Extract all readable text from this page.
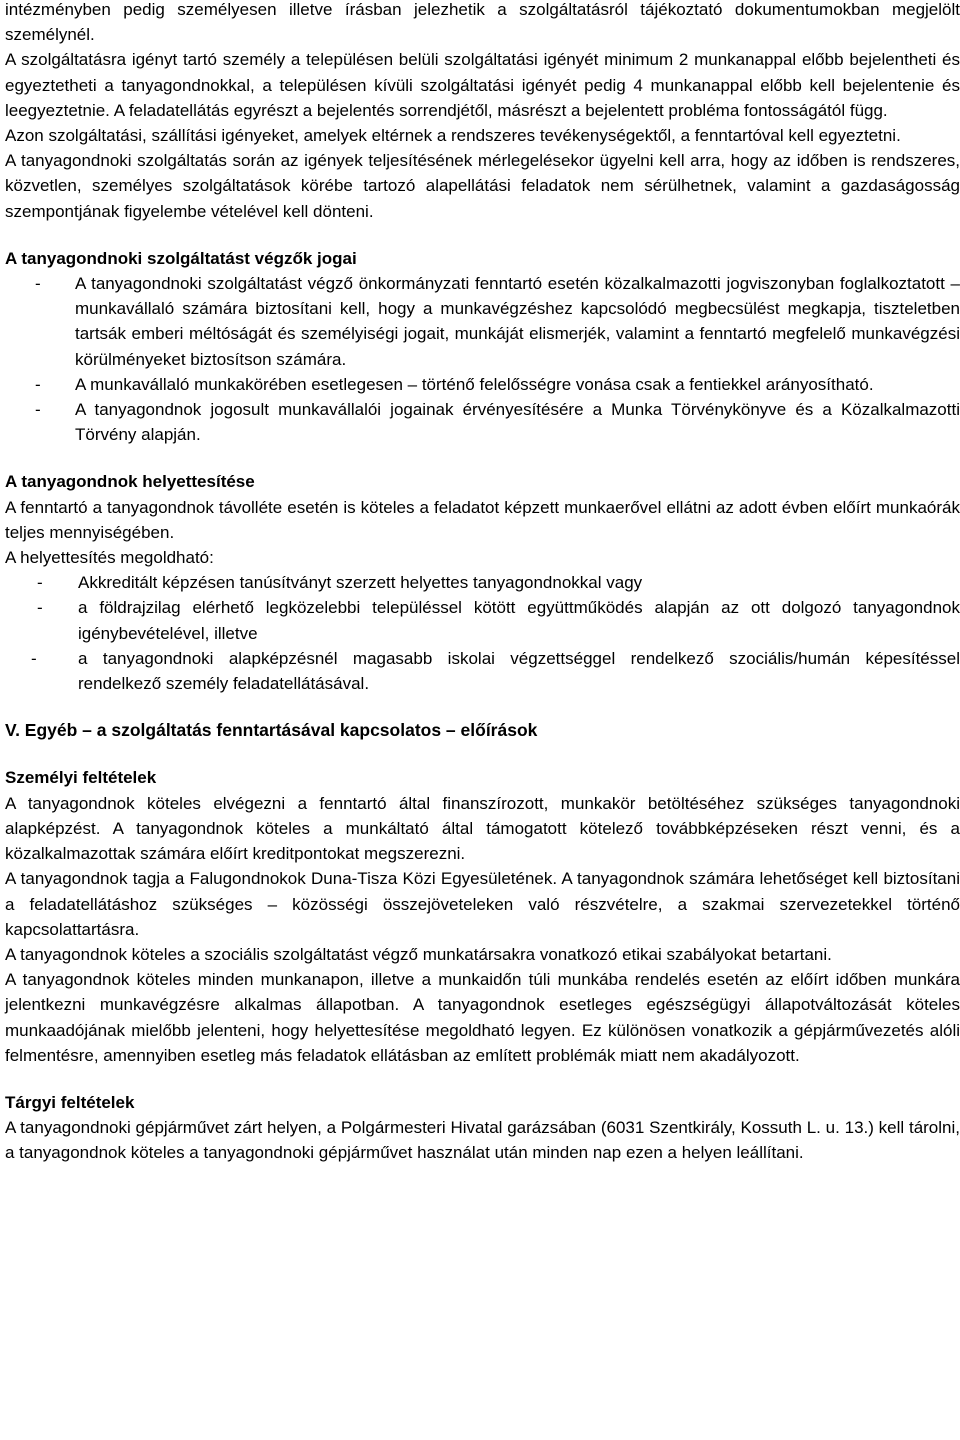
intézményben pedig személyesen illetve írásban jelezhetik a szolgáltatásról tájékoztató dokumentumokban megjelölt személynél.

A szolgáltatásra igényt tartó személy a településen belüli szolgáltatási igényét minimum 2 munkanappal előbb bejelentheti és egyeztetheti a tanyagondnokkal, a településen kívüli szolgáltatási igényét pedig 4 munkanappal előbb kell bejelentenie és leegyeztetnie. A feladatellátás egyrészt a bejelentés sorrendjétől, másrészt a bejelentett probléma fontosságától függ.

Azon szolgáltatási, szállítási igényeket, amelyek eltérnek a rendszeres tevékenységektől, a fenntartóval kell egyeztetni.

A tanyagondnoki szolgáltatás során az igények teljesítésének mérlegelésekor ügyelni kell arra, hogy az időben is rendszeres, közvetlen, személyes szolgáltatások körébe tartozó alapellátási feladatok nem sérülhetnek, valamint a gazdaságosság szempontjának figyelembe vételével kell dönteni.

A tanyagondnoki szolgáltatást végzők jogai

- A tanyagondnoki szolgáltatást végző önkormányzati fenntartó esetén közalkalmazotti jogviszonyban foglalkoztatott – munkavállaló számára biztosítani kell, hogy a munkavégzéshez kapcsolódó megbecsülést megkapja, tiszteletben tartsák emberi méltóságát és személyiségi jogait, munkáját elismerjék, valamint a fenntartó megfelelő munkavégzési körülményeket biztosítson számára.
- A munkavállaló munkakörében esetlegesen – történő felelősségre vonása csak a fentiekkel arányosítható.
- A tanyagondnok jogosult munkavállalói jogainak érvényesítésére a Munka Törvénykönyve és a Közalkalmazotti Törvény alapján.

A tanyagondnok helyettesítése

A fenntartó a tanyagondnok távolléte esetén is köteles a feladatot képzett munkaerővel ellátni az adott évben előírt munkaórák teljes mennyiségében.

A helyettesítés megoldható:

- Akkreditált képzésen tanúsítványt szerzett helyettes tanyagondnokkal vagy
- a földrajzilag elérhető legközelebbi településsel kötött együttműködés alapján az ott dolgozó tanyagondnok igénybevételével, illetve
- a tanyagondnoki alapképzésnél magasabb iskolai végzettséggel rendelkező szociális/humán képesítéssel rendelkező személy feladatellátásával.

V. Egyéb – a szolgáltatás fenntartásával kapcsolatos – előírások

Személyi feltételek

A tanyagondnok köteles elvégezni a fenntartó által finanszírozott, munkakör betöltéséhez szükséges tanyagondnoki alapképzést. A tanyagondnok köteles a munkáltató által támogatott kötelező továbbképzéseken részt venni, és a közalkalmazottak számára előírt kreditpontokat megszerezni.

A tanyagondnok tagja a Falugondnokok Duna-Tisza Közi Egyesületének. A tanyagondnok számára lehetőséget kell biztosítani a feladatellátáshoz szükséges – közösségi összejöveteleken való részvételre, a szakmai szervezetekkel történő kapcsolattartásra.

A tanyagondnok köteles a szociális szolgáltatást végző munkatársakra vonatkozó etikai szabályokat betartani.

A tanyagondnok köteles minden munkanapon, illetve a munkaidőn túli munkába rendelés esetén az előírt időben munkára jelentkezni munkavégzésre alkalmas állapotban. A tanyagondnok esetleges egészségügyi állapotváltozását köteles munkaadójának mielőbb jelenteni, hogy helyettesítése megoldható legyen. Ez különösen vonatkozik a gépjárművezetés alóli felmentésre, amennyiben esetleg más feladatok ellátásban az említett problémák miatt nem akadályozott.

Tárgyi feltételek

A tanyagondnoki gépjárművet zárt helyen, a Polgármesteri Hivatal garázsában (6031 Szentkirály, Kossuth L. u. 13.) kell tárolni, a tanyagondnok köteles a tanyagondnoki gépjárművet használat után minden nap ezen a helyen leállítani.
